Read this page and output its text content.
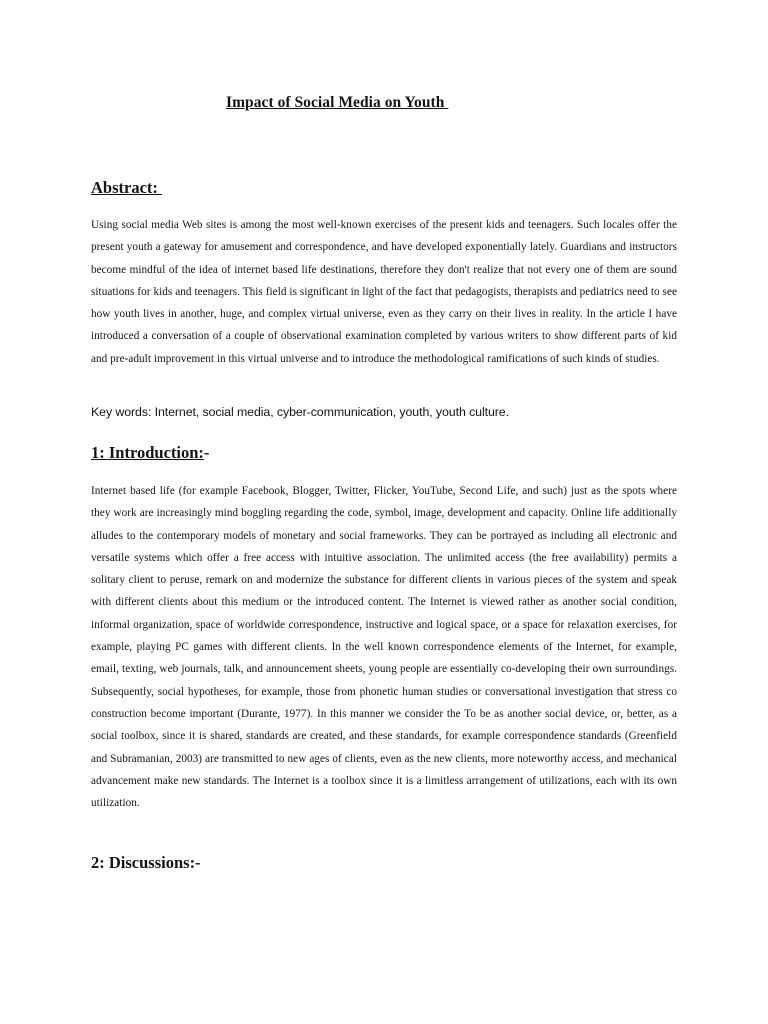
Impact of Social Media on Youth
Abstract:

Using social media Web sites is among the most well-known exercises of the present kids and teenagers. Such locales offer the present youth a gateway for amusement and correspondence, and have developed exponentially lately. Guardians and instructors become mindful of the idea of internet based life destinations, therefore they don't realize that not every one of them are sound situations for kids and teenagers. This field is significant in light of the fact that pedagogists, therapists and pediatrics need to see how youth lives in another, huge, and complex virtual universe, even as they carry on their lives in reality. In the article I have introduced a conversation of a couple of observational examination completed by various writers to show different parts of kid and pre-adult improvement in this virtual universe and to introduce the methodological ramifications of such kinds of studies.

Key words: Internet, social media, cyber-communication, youth, youth culture.

1: Introduction:-

Internet based life (for example Facebook, Blogger, Twitter, Flicker, YouTube, Second Life, and such) just as the spots where they work are increasingly mind boggling regarding the code, symbol, image, development and capacity. Online life additionally alludes to the contemporary models of monetary and social frameworks. They can be portrayed as including all electronic and versatile systems which offer a free access with intuitive association. The unlimited access (the free availability) permits a solitary client to peruse, remark on and modernize the substance for different clients in various pieces of the system and speak with different clients about this medium or the introduced content. The Internet is viewed rather as another social condition, informal organization, space of worldwide correspondence, instructive and logical space, or a space for relaxation exercises, for example, playing PC games with different clients. In the well known correspondence elements of the Internet, for example, email, texting, web journals, talk, and announcement sheets, young people are essentially co-developing their own surroundings. Subsequently, social hypotheses, for example, those from phonetic human studies or conversational investigation that stress co construction become important (Durante, 1977). In this manner we consider the To be as another social device, or, better, as a social toolbox, since it is shared, standards are created, and these standards, for example correspondence standards (Greenfield and Subramanian, 2003) are transmitted to new ages of clients, even as the new clients, more noteworthy access, and mechanical advancement make new standards. The Internet is a toolbox since it is a limitless arrangement of utilizations, each with its own utilization.

2: Discussions:-
